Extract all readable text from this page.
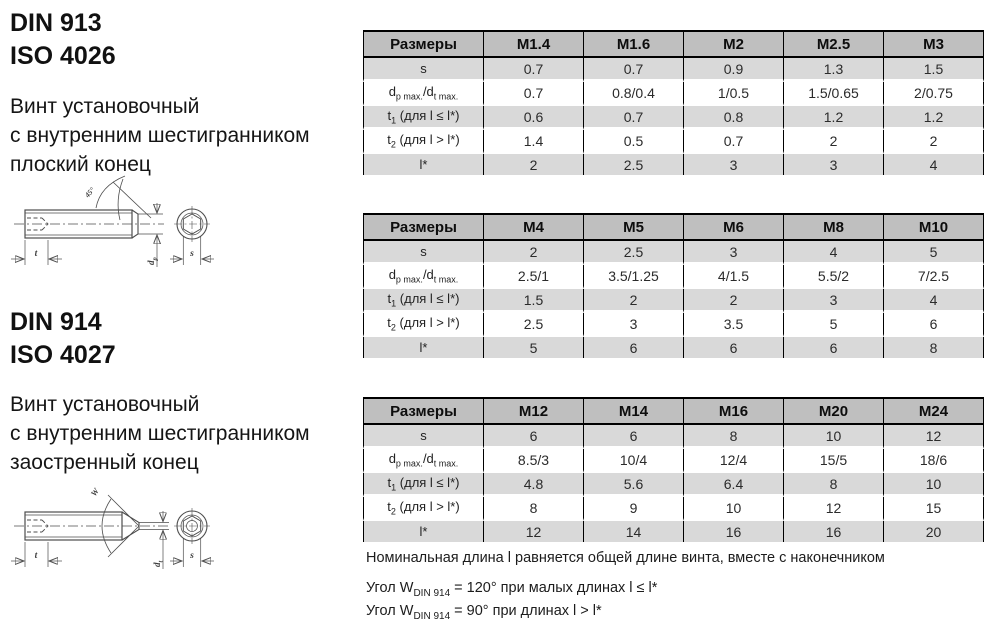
DIN 913
ISO 4026
Винт установочный
с внутренним шестигранником
плоский конец
45°
t
$d_p$	s
DIN 914
ISO 4027
Винт установочный
с внутренним шестигранником
заостренный конец
W
t
$d_t$
s
Размеры	M1.4	M1.6	M2	M2.5	M3
s	0.7	0.7	0.9	1.3	1.5
$d_{p max.}/d_{t max.}$	0.7	0.8/0.4	1/0.5	1.5/0.65	2/0.75
$t_1$ (для l ≤ l*)	0.6	0.7	0.8	1.2	1.2
$t_2$ (для l > l*)	1.4	0.5	0.7	2	2
l*	2	2.5	3	3	4
Размеры	M4	M5	M6	M8	M10
s	2	2.5	3	4	5
$d_{p max.}/d_{t max.}$	2.5/1	3.5/1.25	4/1.5	5.5/2	7/2.5
$t_1$ (для l ≤ l*)	1.5	2	2	3	4
$t_2$ (для l > l*)	2.5	3	3.5	5	6
l*	5	6	6	6	8
Размеры	M12	M14	M16	M20	M24
s	6	6	8	10	12
$d_{p max.}/d_{t max.}$	8.5/3	10/4	12/4	15/5	18/6
$t_1$ (для l ≤ l*)	4.8	5.6	6.4	8	10
$t_2$ (для l > l*)	8	9	10	12	15
l*	12	14	16	16	20
Номинальная длина l равняется общей длине винта, вместе с наконечником
Угол $W_{DIN 914} = 120^\circ$ при малых длинах l ≤ l*
Угол $W_{DIN 914} = 90^\circ$ при длинах l > l*
